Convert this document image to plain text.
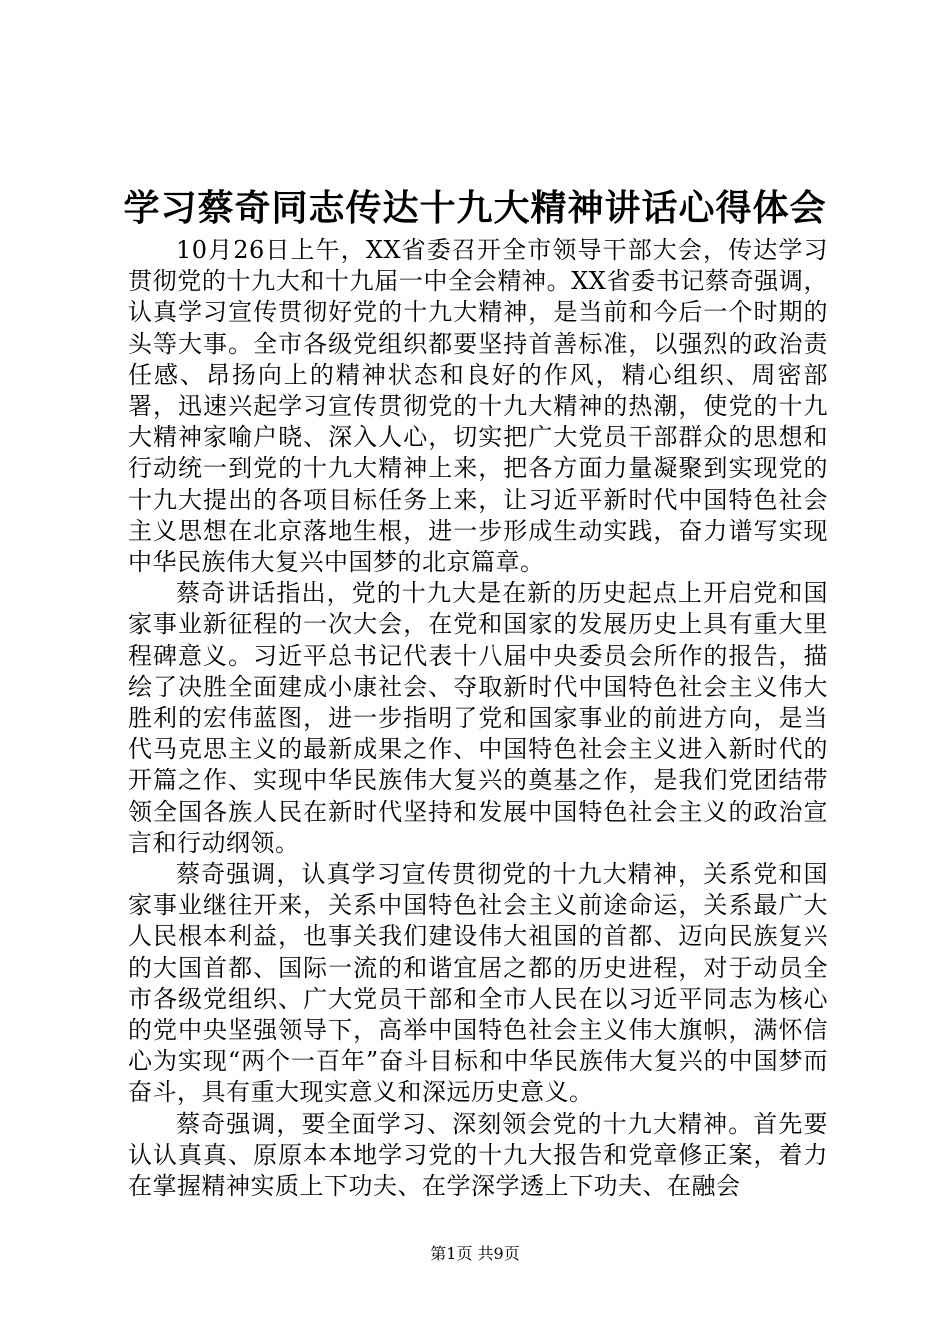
学习蔡奇同志传达十九大精神讲话心得体会

10月26日上午，XX省委召开全市领导干部大会，传达学习贯彻党的十九大和十九届一中全会精神。XX省委书记蔡奇强调，认真学习宣传贯彻好党的十九大精神，是当前和今后一个时期的头等大事。全市各级党组织都要坚持首善标准，以强烈的政治责任感、昂扬向上的精神状态和良好的作风，精心组织、周密部署，迅速兴起学习宣传贯彻党的十九大精神的热潮，使党的十九大精神家喻户晓、深入人心，切实把广大党员干部群众的思想和行动统一到党的十九大精神上来，把各方面力量凝聚到实现党的十九大提出的各项目标任务上来，让习近平新时代中国特色社会主义思想在北京落地生根，进一步形成生动实践，奋力谱写实现中华民族伟大复兴中国梦的北京篇章。

蔡奇讲话指出，党的十九大是在新的历史起点上开启党和国家事业新征程的一次大会，在党和国家的发展历史上具有重大里程碑意义。习近平总书记代表十八届中央委员会所作的报告，描绘了决胜全面建成小康社会、夺取新时代中国特色社会主义伟大胜利的宏伟蓝图，进一步指明了党和国家事业的前进方向，是当代马克思主义的最新成果之作、中国特色社会主义进入新时代的开篇之作、实现中华民族伟大复兴的奠基之作，是我们党团结带领全国各族人民在新时代坚持和发展中国特色社会主义的政治宣言和行动纲领。

蔡奇强调，认真学习宣传贯彻党的十九大精神，关系党和国家事业继往开来，关系中国特色社会主义前途命运，关系最广大人民根本利益，也事关我们建设伟大祖国的首都、迈向民族复兴的大国首都、国际一流的和谐宜居之都的历史进程，对于动员全市各级党组织、广大党员干部和全市人民在以习近平同志为核心的党中央坚强领导下，高举中国特色社会主义伟大旗帜，满怀信心为实现“两个一百年”奋斗目标和中华民族伟大复兴的中国梦而奋斗，具有重大现实意义和深远历史意义。

蔡奇强调，要全面学习、深刻领会党的十九大精神。首先要认认真真、原原本本地学习党的十九大报告和党章修正案，着力在掌握精神实质上下功夫、在学深学透上下功夫、在融会

第1页 共9页
